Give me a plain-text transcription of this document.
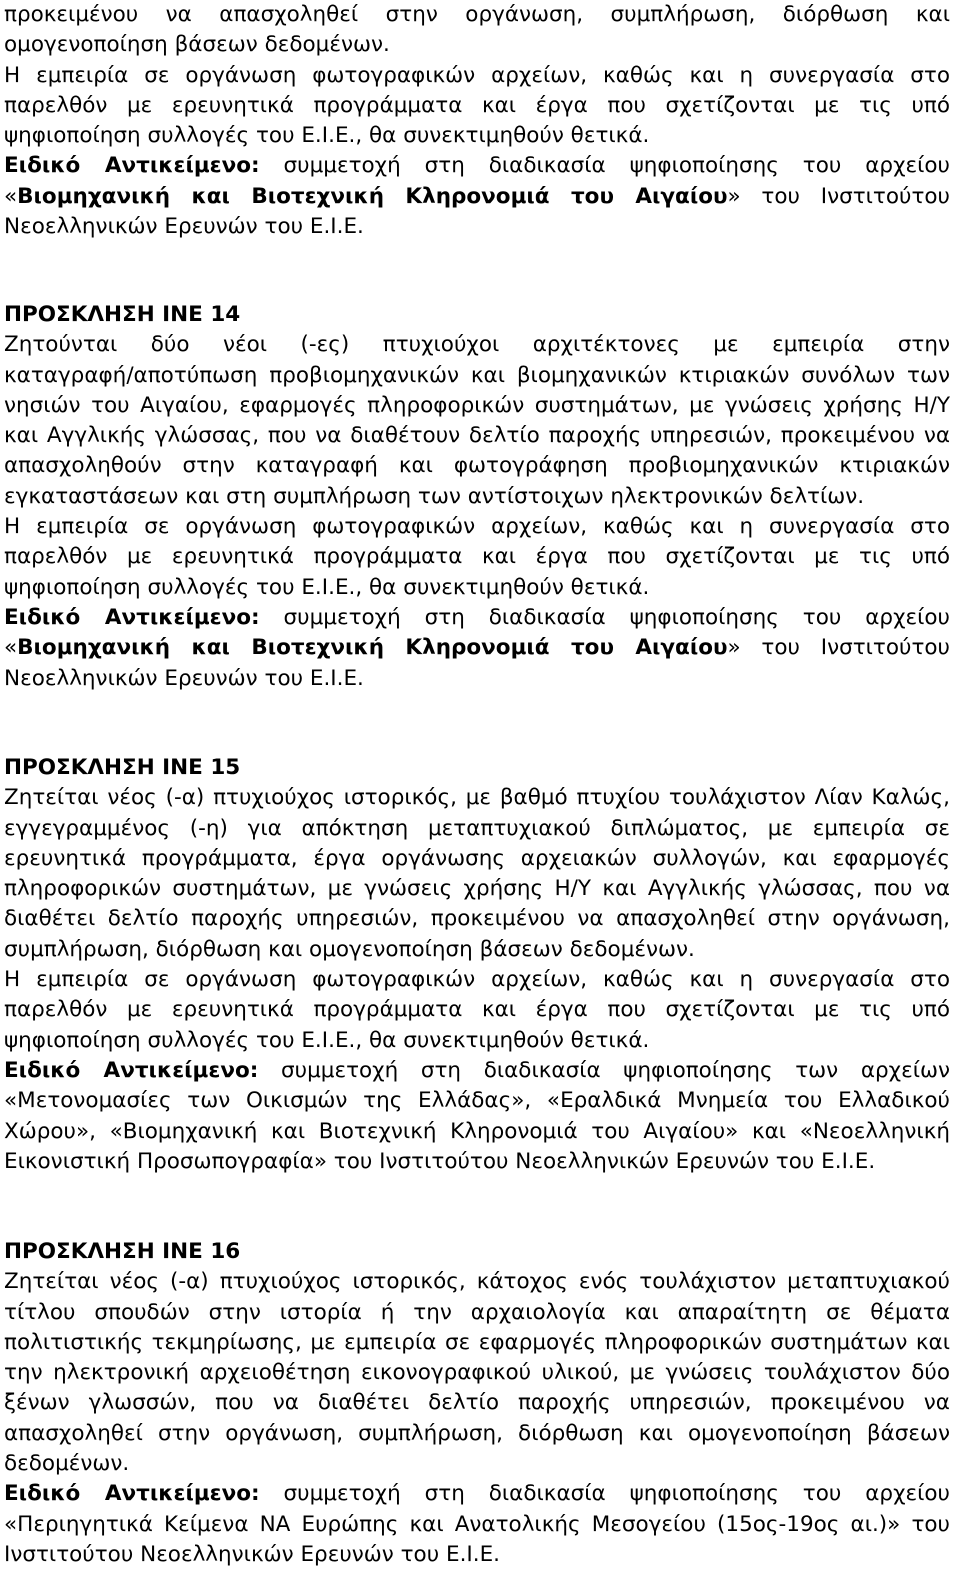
προκειμένου να απασχοληθεί στην οργάνωση, συμπλήρωση, διόρθωση και
ομογενοποίηση βάσεων δεδομένων.
Η εμπειρία σε οργάνωση φωτογραφικών αρχείων, καθώς και η συνεργασία στο
παρελθόν με ερευνητικά προγράμματα και έργα που σχετίζονται με τις υπό
ψηφιοποίηση συλλογές του Ε.Ι.Ε., θα συνεκτιμηθούν θετικά.
Ειδικό Αντικείμενο: συμμετοχή στη διαδικασία ψηφιοποίησης του αρχείου
«Βιομηχανική και Βιοτεχνική Κληρονομιά του Αιγαίου» του Ινστιτούτου
Νεοελληνικών Ερευνών του Ε.Ι.Ε.
ΠΡΟΣΚΛΗΣΗ ΙΝΕ 14
Ζητούνται δύο νέοι (-ες) πτυχιούχοι αρχιτέκτονες με εμπειρία στην
καταγραφή/αποτύπωση προβιομηχανικών και βιομηχανικών κτιριακών συνόλων των
νησιών του Αιγαίου, εφαρμογές πληροφορικών συστημάτων, με γνώσεις χρήσης Η/Υ
και Αγγλικής γλώσσας, που να διαθέτουν δελτίο παροχής υπηρεσιών, προκειμένου να
απασχοληθούν στην καταγραφή και φωτογράφηση προβιομηχανικών κτιριακών
εγκαταστάσεων και στη συμπλήρωση των αντίστοιχων ηλεκτρονικών δελτίων.
Η εμπειρία σε οργάνωση φωτογραφικών αρχείων, καθώς και η συνεργασία στο
παρελθόν με ερευνητικά προγράμματα και έργα που σχετίζονται με τις υπό
ψηφιοποίηση συλλογές του Ε.Ι.Ε., θα συνεκτιμηθούν θετικά.
Ειδικό Αντικείμενο: συμμετοχή στη διαδικασία ψηφιοποίησης του αρχείου
«Βιομηχανική και Βιοτεχνική Κληρονομιά του Αιγαίου» του Ινστιτούτου
Νεοελληνικών Ερευνών του Ε.Ι.Ε.
ΠΡΟΣΚΛΗΣΗ ΙΝΕ 15
Ζητείται νέος (-α) πτυχιούχος ιστορικός, με βαθμό πτυχίου τουλάχιστον Λίαν Καλώς,
εγγεγραμμένος (-η) για απόκτηση μεταπτυχιακού διπλώματος, με εμπειρία σε
ερευνητικά προγράμματα, έργα οργάνωσης αρχειακών συλλογών, και εφαρμογές
πληροφορικών συστημάτων, με γνώσεις χρήσης Η/Υ και Αγγλικής γλώσσας, που να
διαθέτει δελτίο παροχής υπηρεσιών, προκειμένου να απασχοληθεί στην οργάνωση,
συμπλήρωση, διόρθωση και ομογενοποίηση βάσεων δεδομένων.
Η εμπειρία σε οργάνωση φωτογραφικών αρχείων, καθώς και η συνεργασία στο
παρελθόν με ερευνητικά προγράμματα και έργα που σχετίζονται με τις υπό
ψηφιοποίηση συλλογές του Ε.Ι.Ε., θα συνεκτιμηθούν θετικά.
Ειδικό Αντικείμενο: συμμετοχή στη διαδικασία ψηφιοποίησης των αρχείων
«Μετονομασίες των Οικισμών της Ελλάδας», «Εραλδικά Μνημεία του Ελλαδικού
Χώρου», «Βιομηχανική και Βιοτεχνική Κληρονομιά του Αιγαίου» και «Νεοελληνική
Εικονιστική Προσωπογραφία» του Ινστιτούτου Νεοελληνικών Ερευνών του Ε.Ι.Ε.
ΠΡΟΣΚΛΗΣΗ ΙΝΕ 16
Ζητείται νέος (-α) πτυχιούχος ιστορικός, κάτοχος ενός τουλάχιστον μεταπτυχιακού
τίτλου σπουδών στην ιστορία ή την αρχαιολογία και απαραίτητη σε θέματα
πολιτιστικής τεκμηρίωσης, με εμπειρία σε εφαρμογές πληροφορικών συστημάτων και
την ηλεκτρονική αρχειοθέτηση εικονογραφικού υλικού, με γνώσεις τουλάχιστον δύο
ξένων γλωσσών, που να διαθέτει δελτίο παροχής υπηρεσιών, προκειμένου να
απασχοληθεί στην οργάνωση, συμπλήρωση, διόρθωση και ομογενοποίηση βάσεων
δεδομένων.
Ειδικό Αντικείμενο: συμμετοχή στη διαδικασία ψηφιοποίησης του αρχείου
«Περιηγητικά Κείμενα ΝΑ Ευρώπης και Ανατολικής Μεσογείου (15ος-19ος αι.)» του
Ινστιτούτου Νεοελληνικών Ερευνών του Ε.Ι.Ε.
